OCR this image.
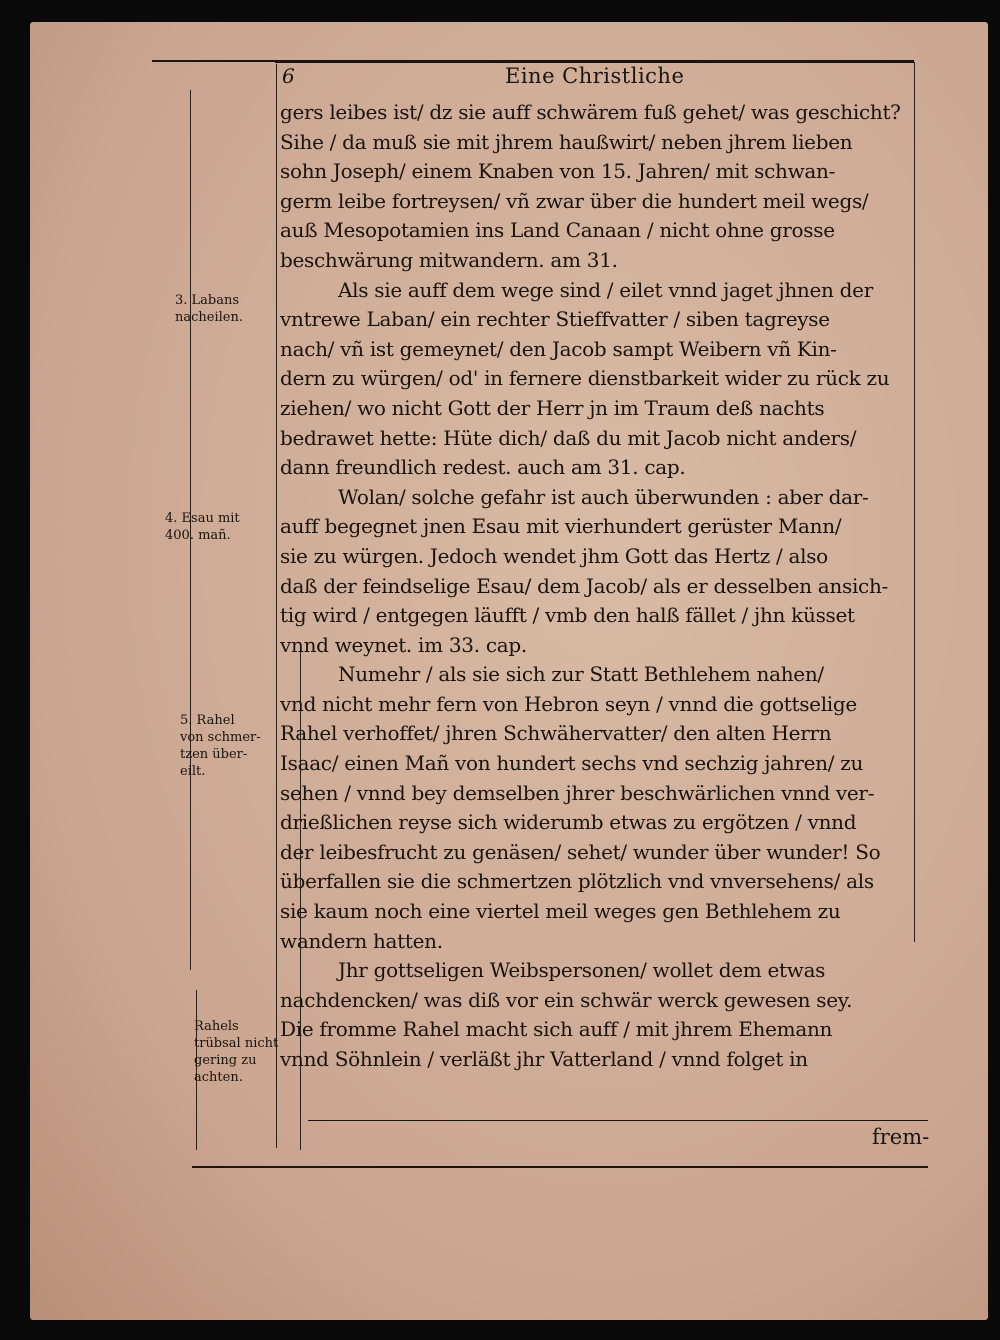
6	Eine Christliche
gers leibes ist/ dz sie auff schwärem fuß gehet/ was geschicht?
Sihe / da muß sie mit jhrem haußwirt/ neben jhrem lieben
sohn Joseph/ einem Knaben von 15. Jahren/ mit schwan-
germ leibe fortreysen/ vñ zwar über die hundert meil wegs/
auß Mesopotamien ins Land Canaan / nicht ohne grosse
beschwärung mitwandern. am 31.
Als sie auff dem wege sind / eilet vnnd jaget jhnen der
vntrewe Laban/ ein rechter Stieffvatter / siben tagreyse
nach/ vñ ist gemeynet/ den Jacob sampt Weibern vñ Kin-
dern zu würgen/ od' in fernere dienstbarkeit wider zu rück zu
ziehen/ wo nicht Gott der Herr jn im Traum deß nachts
bedrawet hette: Hüte dich/ daß du mit Jacob nicht anders/
dann freundlich redest. auch am 31. cap.
Wolan/ solche gefahr ist auch überwunden : aber dar-
auff begegnet jnen Esau mit vierhundert gerüster Mann/
sie zu würgen. Jedoch wendet jhm Gott das Hertz / also
daß der feindselige Esau/ dem Jacob/ als er desselben ansich-
tig wird / entgegen läufft / vmb den halß fället / jhn küsset
vnnd weynet. im 33. cap.
Numehr / als sie sich zur Statt Bethlehem nahen/
vnd nicht mehr fern von Hebron seyn / vnnd die gottselige
Rahel verhoffet/ jhren Schwähervatter/ den alten Herrn
Isaac/ einen Mañ von hundert sechs vnd sechzig jahren/ zu
sehen / vnnd bey demselben jhrer beschwärlichen vnnd ver-
drießlichen reyse sich widerumb etwas zu ergötzen / vnnd
der leibesfrucht zu genäsen/ sehet/ wunder über wunder! So
überfallen sie die schmertzen plötzlich vnd vnversehens/ als
sie kaum noch eine viertel meil weges gen Bethlehem zu
wandern hatten.
Jhr gottseligen Weibspersonen/ wollet dem etwas
nachdencken/ was diß vor ein schwär werck gewesen sey.
Die fromme Rahel macht sich auff / mit jhrem Ehemann
vnnd Söhnlein / verläßt jhr Vatterland / vnnd folget in
3. Labans
nacheilen.
4. Esau mit
400. mañ.
5. Rahel
von schmer-
tzen über-
eilt.
Rahels
trübsal nicht
gering zu
achten.
frem-
